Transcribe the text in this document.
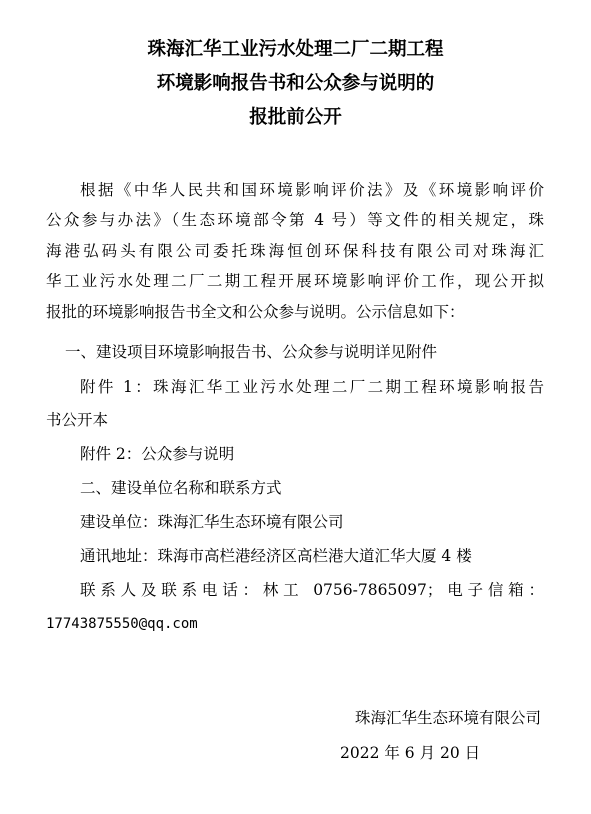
珠海汇华工业污水处理二厂二期工程
环境影响报告书和公众参与说明的
报批前公开
根据《中华人民共和国环境影响评价法》及《环境影响评价
公众参与办法》（生态环境部令第 4 号）等文件的相关规定，珠
海港弘码头有限公司委托珠海恒创环保科技有限公司对珠海汇
华工业污水处理二厂二期工程开展环境影响评价工作，现公开拟
报批的环境影响报告书全文和公众参与说明。公示信息如下：
一、建设项目环境影响报告书、公众参与说明详见附件
附件 1：珠海汇华工业污水处理二厂二期工程环境影响报告
书公开本
附件 2：公众参与说明
二、建设单位名称和联系方式
建设单位：珠海汇华生态环境有限公司
通讯地址：珠海市高栏港经济区高栏港大道汇华大厦 4 楼
联系人及联系电话：林工 0756-7865097；电子信箱：
17743875550@qq.com
珠海汇华生态环境有限公司
2022 年 6 月 20 日
